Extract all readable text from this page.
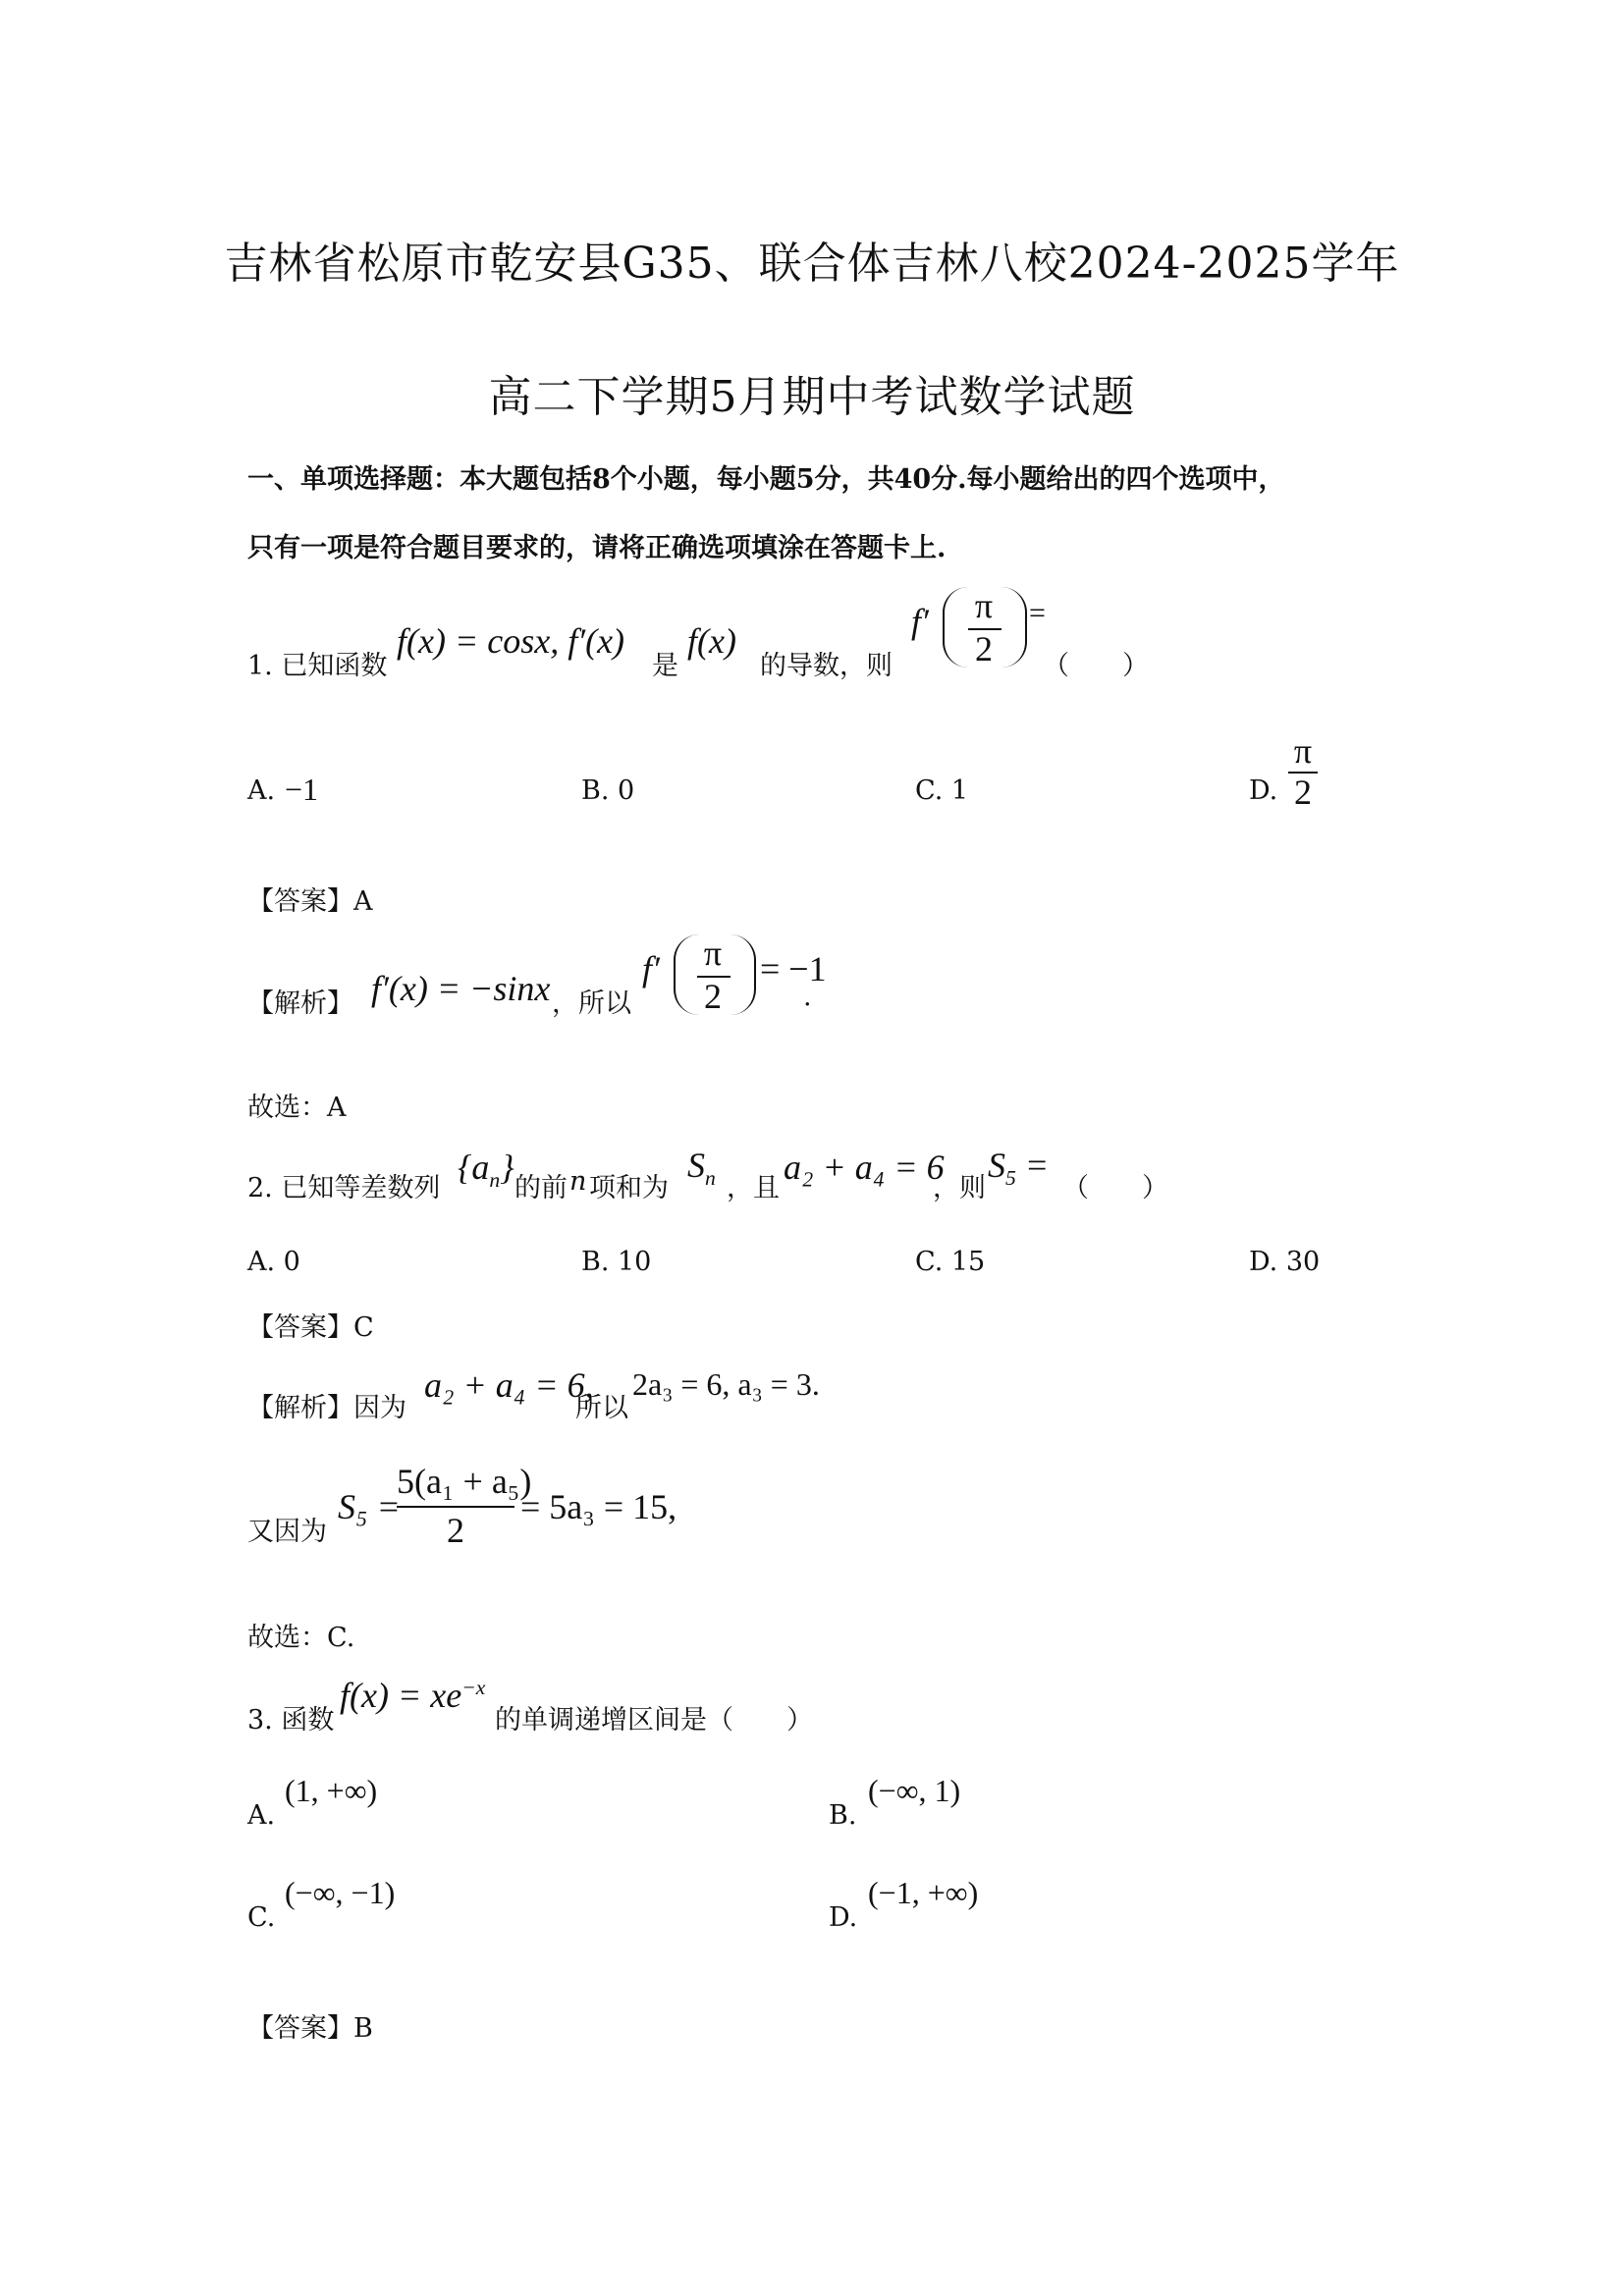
吉林省松原市乾安县G35、联合体吉林八校2024-2025学年
高二下学期5月期中考试数学试题
一、单项选择题：本大题包括8个小题，每小题5分，共40分.每小题给出的四个选项中，
只有一项是符合题目要求的，请将正确选项填涂在答题卡上.
1. 已知函数
f(x) = cosx, f′(x)
是
f(x)
的导数，则
f′ π
2
=
（　　）
A. −1	B. 0	C. 1	D.
π
2
【答案】A
【解析】 f′(x) = −sinx ，所以
f′ π
2
= −1
.
故选：A
2. 已知等差数列
$\{a_n\}$
的前 n 项和为
$S_n$ ，且
a₂ + a₄ = 6
，则
$S_5$ =
（　　）
A. 0	B. 10	C. 15	D. 30
【答案】C
【解析】因为
a₂ + a₄ = 6,
所以
2a₃ = 6, a₃ = 3.
又因为
S₅ =
5(a₁ + a₅)
2
= 5a₃ = 15,
故选：C.
3. 函数
$f(x) = xe^{-x}$
的单调递增区间是（　　）
A.
(1, +∞)
B.
(−∞, 1)
C.
(−∞, −1)
D.
(−1, +∞)
【答案】B
